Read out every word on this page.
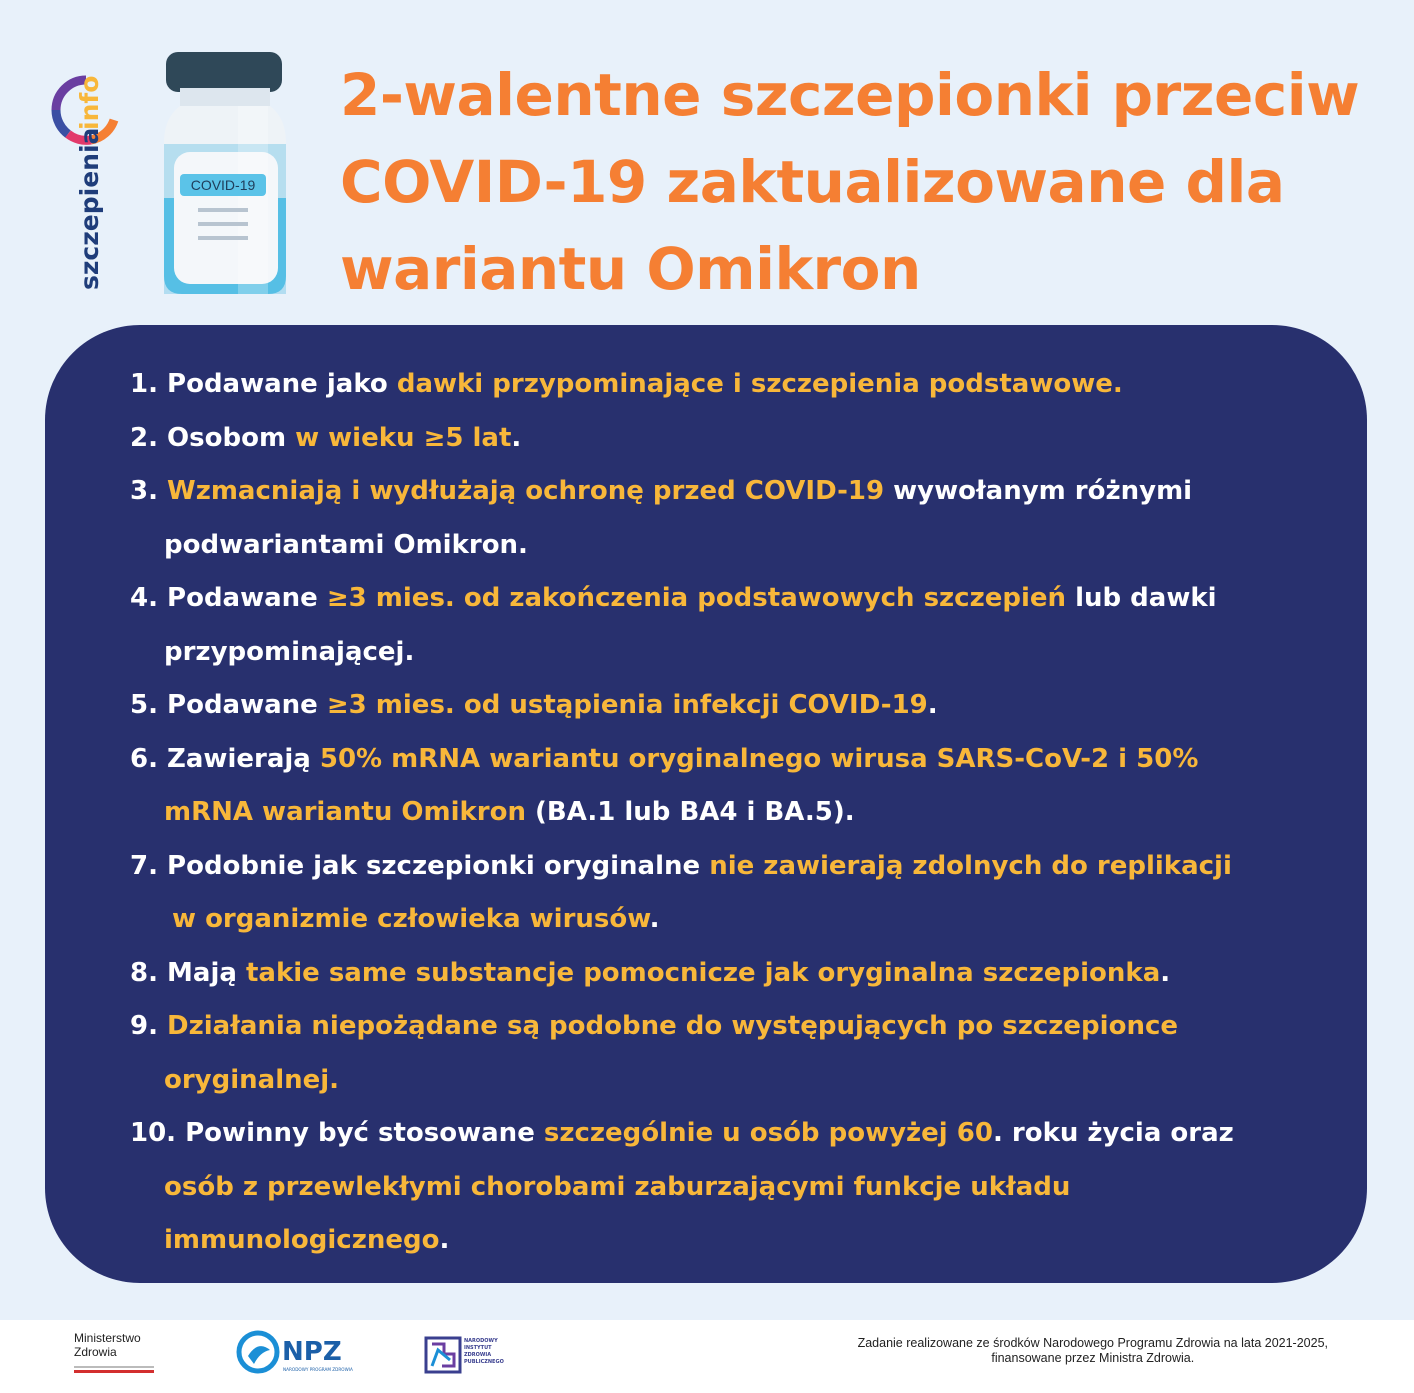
szczepienia
info
COVID-19
2-walentne szczepionki przeciw
COVID-19 zaktualizowane dla
wariantu Omikron
1. Podawane jako dawki przypominające i szczepienia podstawowe.
2. Osobom w wieku ≥5 lat.
3. Wzmacniają i wydłużają ochronę przed COVID-19 wywołanym różnymi
podwariantami Omikron.
4. Podawane ≥3 mies. od zakończenia podstawowych szczepień lub dawki
przypominającej.
5. Podawane ≥3 mies. od ustąpienia infekcji COVID-19.
6. Zawierają 50% mRNA wariantu oryginalnego wirusa SARS-CoV-2 i 50%
mRNA wariantu Omikron (BA.1 lub BA4 i BA.5).
7. Podobnie jak szczepionki oryginalne nie zawierają zdolnych do replikacji
w organizmie człowieka wirusów.
8. Mają takie same substancje pomocnicze jak oryginalna szczepionka.
9. Działania niepożądane są podobne do występujących po szczepionce
oryginalnej.
10. Powinny być stosowane szczególnie u osób powyżej 60. roku życia oraz
osób z przewlekłymi chorobami zaburzającymi funkcje układu
immunologicznego.
Ministerstwo
Zdrowia	NPZ
NARODOWY PROGRAM ZDROWIA
NARODOWY
INSTYTUT
ZDROWIA
PUBLICZNEGO
Zadanie realizowane ze środków Narodowego Programu Zdrowia na lata 2021-2025,
finansowane przez Ministra Zdrowia.
